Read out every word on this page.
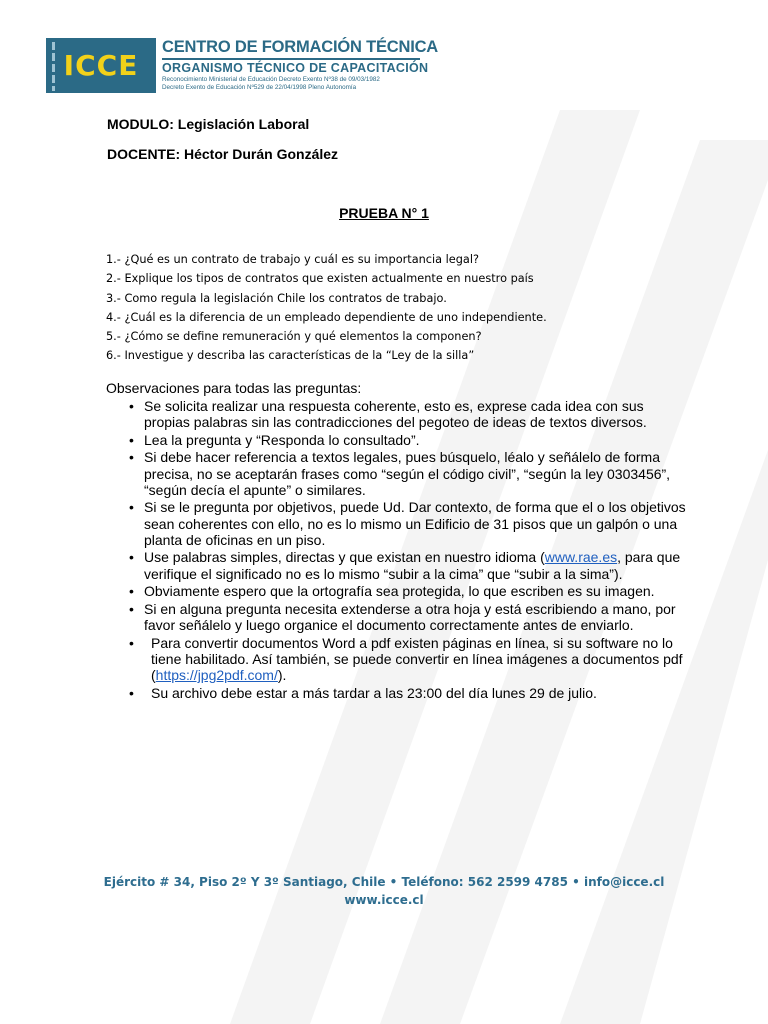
ICCE
CENTRO DE FORMACIÓN TÉCNICA
ORGANISMO TÉCNICO DE CAPACITACIÓN
Reconocimiento Ministerial de Educación Decreto Exento Nº38 de 09/03/1982
Decreto Exento de Educación Nº529 de 22/04/1998 Pleno Autonomía
MODULO: Legislación Laboral
DOCENTE: Héctor Durán González
PRUEBA N° 1
1.- ¿Qué es un contrato de trabajo y cuál es su importancia legal?
2.- Explique los tipos de contratos que existen actualmente en nuestro país
3.- Como regula la legislación Chile los contratos de trabajo.
4.- ¿Cuál es la diferencia de un empleado dependiente de uno independiente.
5.- ¿Cómo se define remuneración y qué elementos la componen?
6.- Investigue y describa las características de la “Ley de la silla”
Observaciones para todas las preguntas:
• Se solicita realizar una respuesta coherente, esto es, exprese cada idea con sus propias palabras sin las contradicciones del pegoteo de ideas de textos diversos.
• Lea la pregunta y “Responda lo consultado”.
• Si debe hacer referencia a textos legales, pues búsquelo, léalo y señálelo de forma precisa, no se aceptarán frases como “según el código civil”, “según la ley 0303456”, “según decía el apunte” o similares.
• Si se le pregunta por objetivos, puede Ud. Dar contexto, de forma que el o los objetivos sean coherentes con ello, no es lo mismo un Edificio de 31 pisos que un galpón o una planta de oficinas en un piso.
• Use palabras simples, directas y que existan en nuestro idioma (www.rae.es, para que verifique el significado no es lo mismo “subir a la cima” que “subir a la sima”).
• Obviamente espero que la ortografía sea protegida, lo que escriben es su imagen.
• Si en alguna pregunta necesita extenderse a otra hoja y está escribiendo a mano, por favor señálelo y luego organice el documento correctamente antes de enviarlo.
• Para convertir documentos Word a pdf existen páginas en línea, si su software no lo tiene habilitado. Así también, se puede convertir en línea imágenes a documentos pdf (https://jpg2pdf.com/).
• Su archivo debe estar a más tardar a las 23:00 del día lunes 29 de julio.
Ejército # 34, Piso 2º Y 3º Santiago, Chile • Teléfono: 562 2599 4785 • info@icce.cl
www.icce.cl
